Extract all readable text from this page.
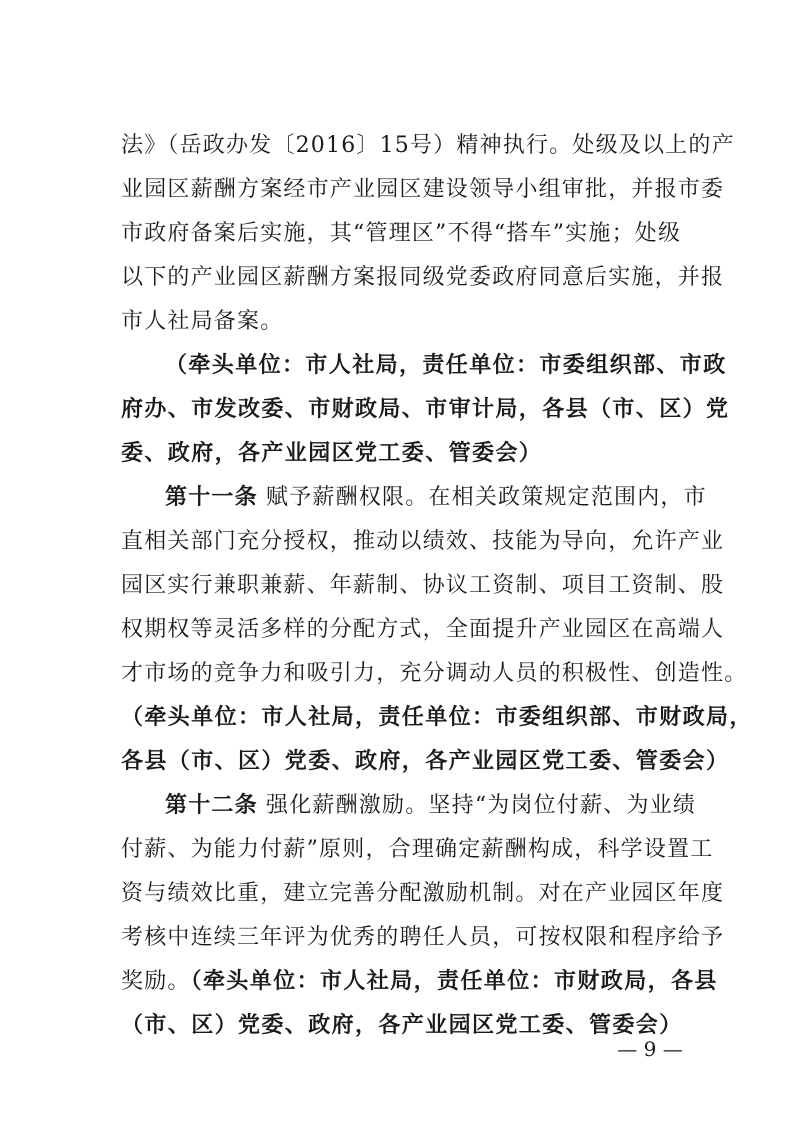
法》（岳政办发〔2016〕15号）精神执行。处级及以上的产
业园区薪酬方案经市产业园区建设领导小组审批，并报市委
市政府备案后实施，其“管理区”不得“搭车”实施；处级
以下的产业园区薪酬方案报同级党委政府同意后实施，并报
市人社局备案。
（牵头单位：市人社局，责任单位：市委组织部、市政
府办、市发改委、市财政局、市审计局，各县（市、区）党
委、政府，各产业园区党工委、管委会）
第十一条 赋予薪酬权限。在相关政策规定范围内，市
直相关部门充分授权，推动以绩效、技能为导向，允许产业
园区实行兼职兼薪、年薪制、协议工资制、项目工资制、股
权期权等灵活多样的分配方式，全面提升产业园区在高端人
才市场的竞争力和吸引力，充分调动人员的积极性、创造性。
（牵头单位：市人社局，责任单位：市委组织部、市财政局，
各县（市、区）党委、政府，各产业园区党工委、管委会）
第十二条 强化薪酬激励。坚持“为岗位付薪、为业绩
付薪、为能力付薪”原则，合理确定薪酬构成，科学设置工
资与绩效比重，建立完善分配激励机制。对在产业园区年度
考核中连续三年评为优秀的聘任人员，可按权限和程序给予
奖励。（牵头单位：市人社局，责任单位：市财政局，各县
（市、区）党委、政府，各产业园区党工委、管委会）
— 9 —
